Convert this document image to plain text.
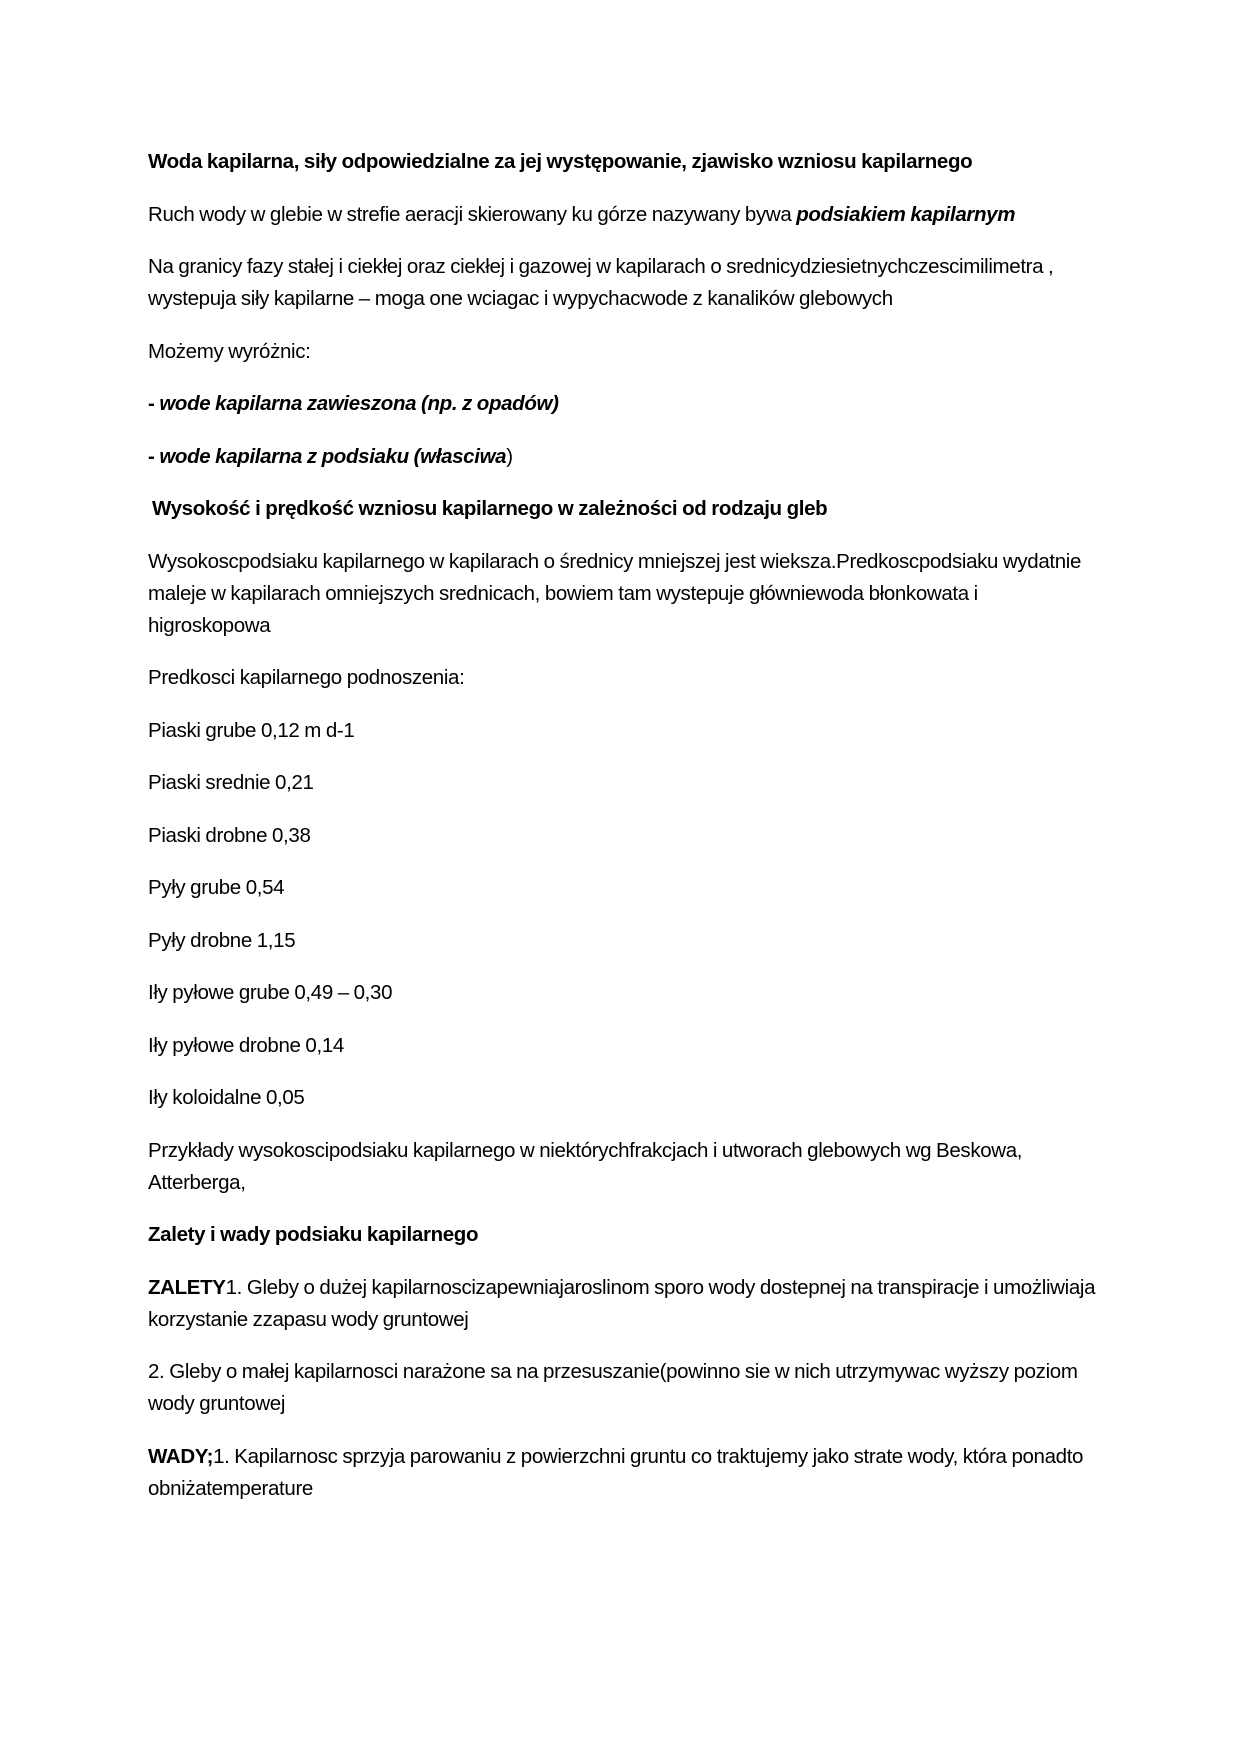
Woda kapilarna, siły odpowiedzialne za jej występowanie, zjawisko wzniosu kapilarnego

Ruch wody w glebie w strefie aeracji skierowany ku górze nazywany bywa podsiakiem kapilarnym

Na granicy fazy stałej i ciekłej oraz ciekłej i gazowej w kapilarach o srednicydziesietnychczescimilimetra , wystepuja siły kapilarne – moga one wciagac i wypychacwode z kanalików glebowych

Możemy wyróżnic:

- wode kapilarna zawieszona (np. z opadów)

- wode kapilarna z podsiaku (własciwa)

Wysokość i prędkość wzniosu kapilarnego w zależności od rodzaju gleb

Wysokoscpodsiaku kapilarnego w kapilarach o średnicy mniejszej jest wieksza.Predkoscpodsiaku wydatnie maleje w kapilarach omniejszych srednicach, bowiem tam wystepuje główniewoda błonkowata i higroskopowa

Predkosci kapilarnego podnoszenia:

Piaski grube 0,12 m d-1

Piaski srednie 0,21

Piaski drobne 0,38

Pyły grube 0,54

Pyły drobne 1,15

Iły pyłowe grube 0,49 – 0,30

Iły pyłowe drobne 0,14

Iły koloidalne 0,05

Przykłady wysokoscipodsiaku kapilarnego w niektórychfrakcjach i utworach glebowych wg Beskowa, Atterberga,

Zalety i wady podsiaku kapilarnego

ZALETY1. Gleby o dużej kapilarnoscizapewniajaroslinom sporo wody dostepnej na transpiracje i umożliwiaja korzystanie zzapasu wody gruntowej

2. Gleby o małej kapilarnosci narażone sa na przesuszanie(powinno sie w nich utrzymywac wyższy poziom wody gruntowej

WADY;1. Kapilarnosc sprzyja parowaniu z powierzchni gruntu co traktujemy jako strate wody, która ponadto obniżatemperature
